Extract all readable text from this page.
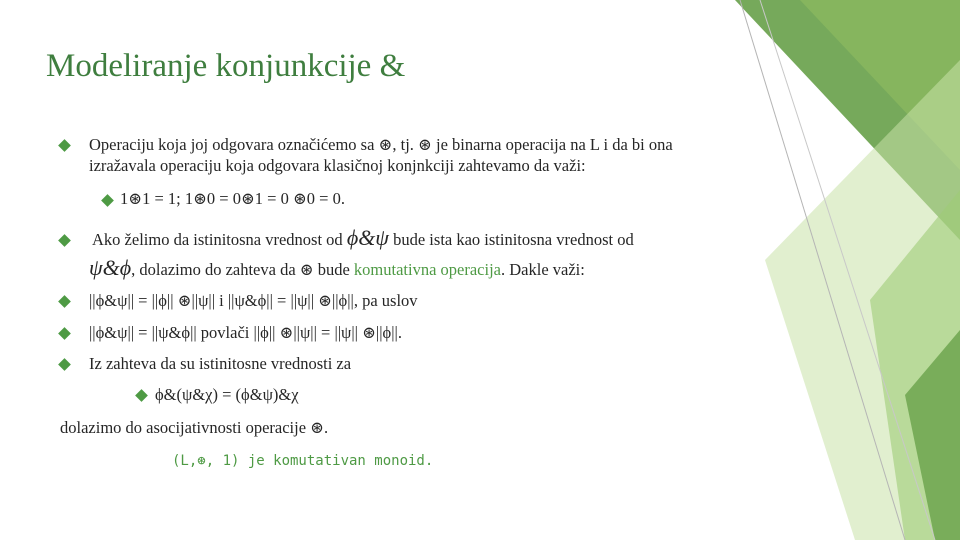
Modeliranje konjunkcije &
Operaciju koja joj odgovara označićemo sa ⊛, tj. ⊛ je binarna operacija na L i da bi ona
izražavala operaciju koja odgovara klasičnoj konjnkciji zahtevamo da važi:
1⊛1 = 1; 1⊛0 = 0⊛1 = 0 ⊛0 = 0.
Ako želimo da istinitosna vrednost od ϕ&ψ bude ista kao istinitosna vrednost od
ψ&ϕ, dolazimo do zahteva da ⊛ bude komutativna operacija. Dakle važi:
||ϕ&ψ|| = ||ϕ|| ⊛||ψ|| i ||ψ&ϕ|| = ||ψ|| ⊛||ϕ||, pa uslov
||ϕ&ψ|| = ||ψ&ϕ|| povlači ||ϕ|| ⊛||ψ|| = ||ψ|| ⊛||ϕ||.
Iz zahteva da su istinitosne vrednosti za
ϕ&(ψ&χ) = (ϕ&ψ)&χ
dolazimo do asocijativnosti operacije ⊛.
(L,⊛, 1) je komutativan monoid.
